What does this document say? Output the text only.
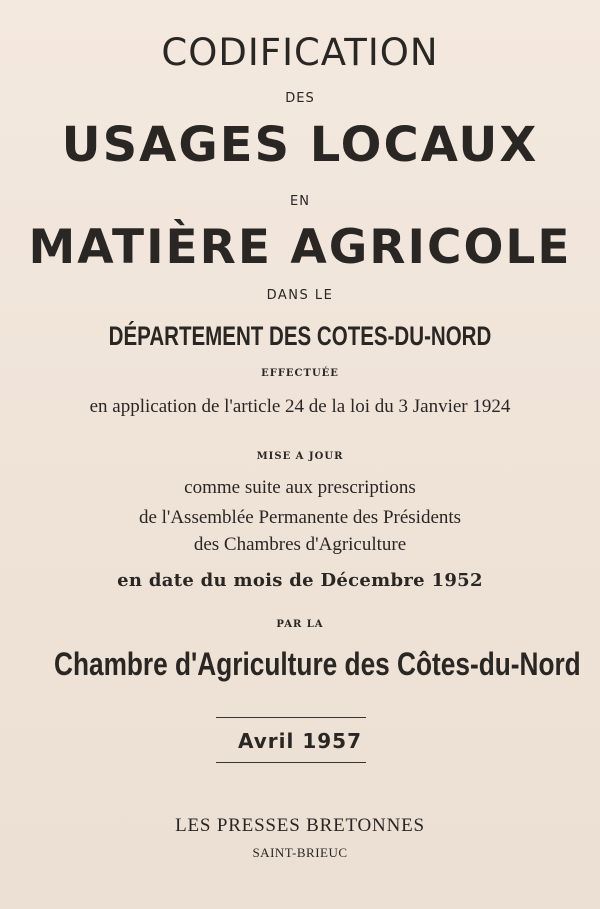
CODIFICATION
DES
USAGES LOCAUX
EN
MATIÈRE AGRICOLE
DANS LE
DÉPARTEMENT DES COTES-DU-NORD
EFFECTUÉE
en application de l'article 24 de la loi du 3 Janvier 1924
MISE A JOUR
comme suite aux prescriptions
de l'Assemblée Permanente des Présidents
des Chambres d'Agriculture
en date du mois de Décembre 1952
PAR LA
Chambre d'Agriculture des Côtes-du-Nord
Avril 1957
LES PRESSES BRETONNES
SAINT-BRIEUC
